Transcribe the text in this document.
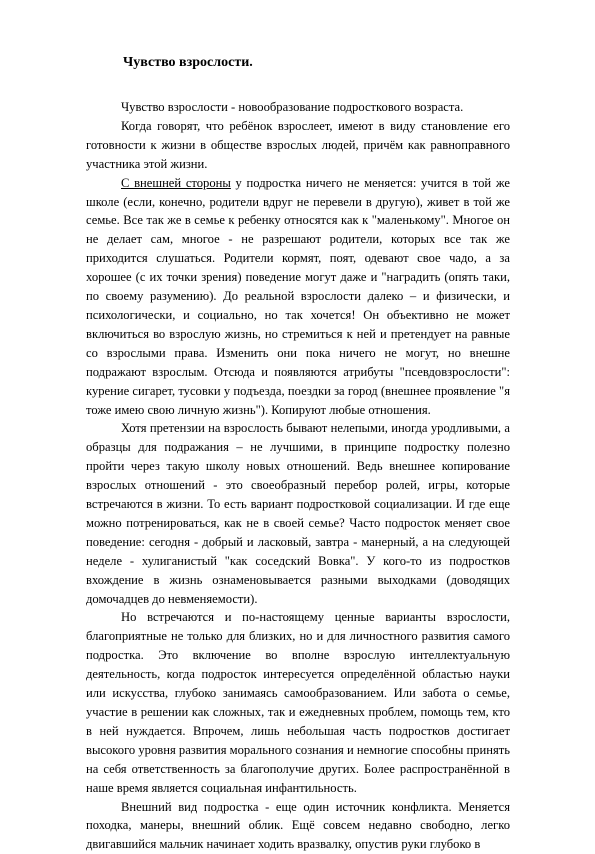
Чувство взрослости.

Чувство взрослости - новообразование подросткового возраста.

Когда говорят, что ребёнок взрослеет, имеют в виду становление его готовности к жизни в обществе взрослых людей, причём как равноправного участника этой жизни.

С внешней стороны у подростка ничего не меняется: учится в той же школе (если, конечно, родители вдруг не перевели в другую), живет в той же семье. Все так же в семье к ребенку относятся как к "маленькому". Многое он не делает сам, многое - не разрешают родители, которых все так же приходится слушаться. Родители кормят, поят, одевают свое чадо, а за хорошее (с их точки зрения) поведение могут даже и "наградить (опять таки, по своему разумению). До реальной взрослости далеко – и физически, и психологически, и социально, но так хочется! Он объективно не может включиться во взрослую жизнь, но стремиться к ней и претендует на равные со взрослыми права. Изменить они пока ничего не могут, но внешне подражают взрослым. Отсюда и появляются атрибуты "псевдовзрослости": курение сигарет, тусовки у подъезда, поездки за город (внешнее проявление "я тоже имею свою личную жизнь"). Копируют любые отношения.

Хотя претензии на взрослость бывают нелепыми, иногда уродливыми, а образцы для подражания – не лучшими, в принципе подростку полезно пройти через такую школу новых отношений. Ведь внешнее копирование взрослых отношений - это своеобразный перебор ролей, игры, которые встречаются в жизни. То есть вариант подростковой социализации. И где еще можно потренироваться, как не в своей семье? Часто подросток меняет свое поведение: сегодня - добрый и ласковый, завтра - манерный, а на следующей неделе - хулиганистый "как соседский Вовка". У кого-то из подростков вхождение в жизнь ознаменовывается разными выходками (доводящих домочадцев до невменяемости).

Но встречаются и по-настоящему ценные варианты взрослости, благоприятные не только для близких, но и для личностного развития самого подростка. Это включение во вполне взрослую интеллектуальную деятельность, когда подросток интересуется определённой областью науки или искусства, глубоко занимаясь самообразованием. Или забота о семье, участие в решении как сложных, так и ежедневных проблем, помощь тем, кто в ней нуждается. Впрочем, лишь небольшая часть подростков достигает высокого уровня развития морального сознания и немногие способны принять на себя ответственность за благополучие других. Более распространённой в наше время является социальная инфантильность.

Внешний вид подростка - еще один источник конфликта. Меняется походка, манеры, внешний облик. Ещё совсем недавно свободно, легко двигавшийся мальчик начинает ходить вразвалку, опустив руки глубоко в
